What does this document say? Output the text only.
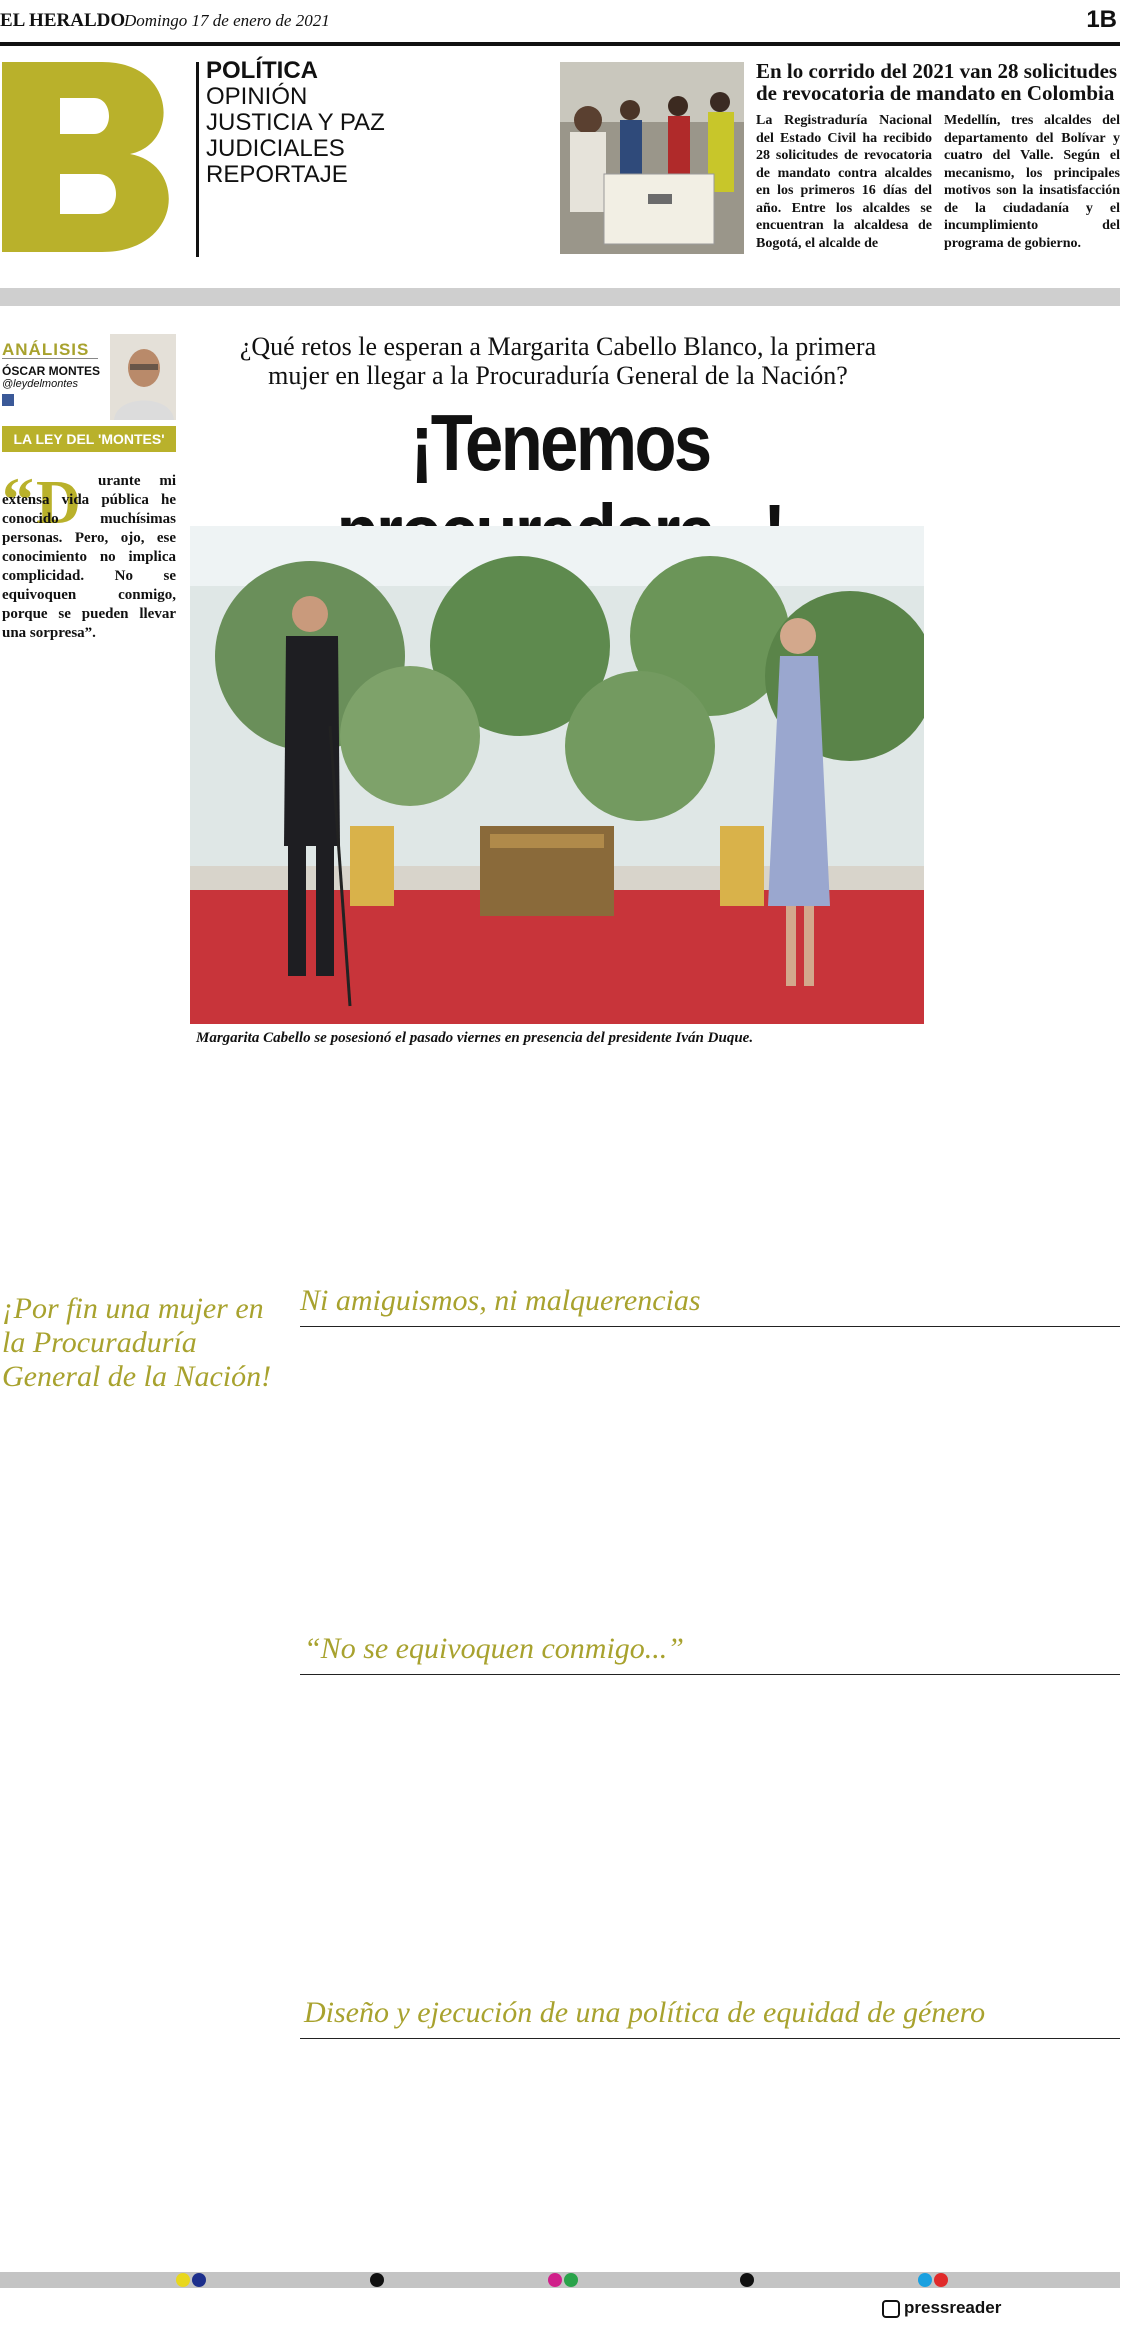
EL HERALDO
Domingo 17 de enero de 2021	1B
POLÍTICA
OPINIÓN
JUSTICIA Y PAZ
JUDICIALES
REPORTAJE
En lo corrido del 2021 van 28 solicitudes de revocatoria de mandato en Colombia
La Registraduría Nacional del Estado Civil ha recibido 28 solicitudes de revocatoria de mandato contra alcaldes en los primeros 16 días del año. Entre los alcaldes se encuentran la alcaldesa de Bogotá, el alcalde de
Medellín, tres alcaldes del departamento del Bolívar y cuatro del Valle. Según el mecanismo, los principales motivos son la insatisfacción de la ciudadanía y el incumplimiento del programa de gobierno.
ANÁLISIS
ÓSCAR MONTES
@leydelmontes
LA LEY DEL 'MONTES'
“ D	urante mi extensa vida pública he conocido muchísimas personas. Pero, ojo, ese conocimiento no implica complicidad. No se equivoquen conmigo, porque se pueden llevar una sorpresa”.
¿Qué retos le esperan a Margarita Cabello Blanco, la primera mujer en llegar a la Procuraduría General de la Nación?
¡Tenemos
Margarita Cabello se posesionó el pasado viernes en presencia del presidente Iván Duque.
¡Por fin una mujer en la Procuraduría General de la Nación!
Ni amiguismos, ni malquerencias
“No se equivoquen conmigo...”
Diseño y ejecución de una política de equidad de género
pressreader
